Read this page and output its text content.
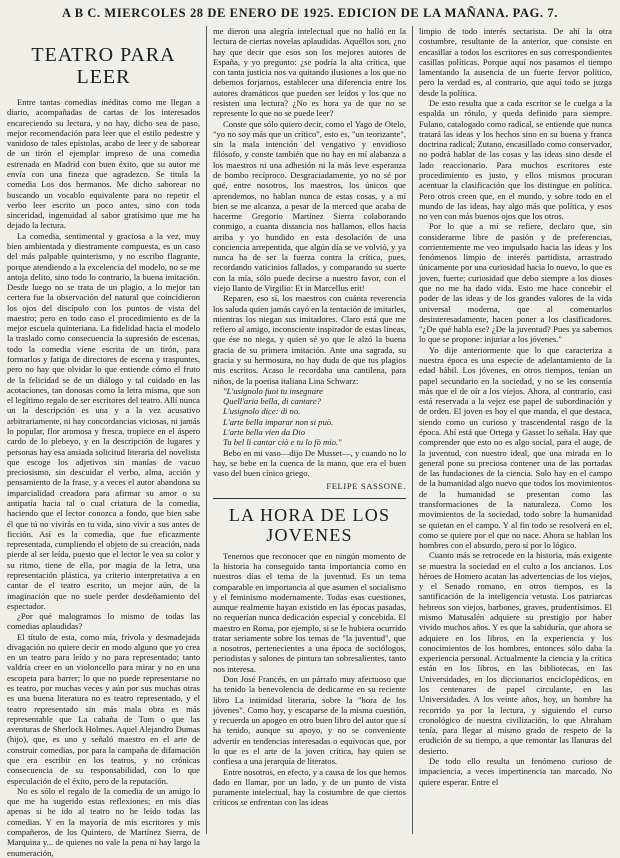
A B C. MIERCOLES 28 DE ENERO DE 1925. EDICION DE LA MAÑANA. PAG. 7.
TEATRO PARA LEER

Entre tantas comedias inéditas como me llegan a diario, acompañadas de cartas de los interesados encareciendo su lectura, y no hay, dicho sea de paso, mejor recomendación para leer que el estilo pedestre y vanidoso de tales epístolas, acabo de leer y de saborear de un tirón el ejemplar impreso de una comedia estrenada en Madrid con buen éxito, que su autor me envía con una fineza que agradezco. Se titula la comedia Los dos hermanos. Me dicho saborear no buscando un vocablo equivalente para no repetir el verbo leer escrito un poco antes, sino con toda sinceridad, ingenuidad al sabor gratísimo que me ha dejado la lectura.

La comedia, sentimental y graciosa a la vez, muy bien ambientada y diestramente compuesta, es un caso del más palpable quinterismo, y no escribo flagrante, porque atendiendo a la excelencia del modelo, no se me antoja delito, sino todo lo contrario, la buena imitación. Desde luego no se trata de un plagio, a lo mejor tan certera fue la observación del natural que coincidieron los ojos del discípulo con los puntos de vista del maestro; pero en todo caso el procedimiento es de la mejor escuela quinteriana. La fidelidad hacia el modelo la traslado como consecuencia la supresión de escenas, todo la comedia viene escrita de un tirón, para formarlos y fatiga de directores de escena y traspuntes, pero no hay que olvidar lo que entiende cómo el fruto de la felicidad se de un diálogo y tal cuidado en las acotaciones, tan donosas como la letra misma, que son el legítimo regalo de ser escritores del teatro. Allí nunca un la descripción es una y a la vez acusativo arbitrariamente, ni hay concordancias viciosas, ni jamás lo popular, flor aromosa y fresca, tropiece en el áspero cardo de lo plebeyo, y en la descripción de lugares y personas hay esa ansiada solicitud literaria del novelista que escoge los adjetivos sin manías de vacuo preciosismo, sin descuidar el verbo, alma, acción y pensamiento de la frase, y a veces el autor abandona su imparcialidad creadora para afirmar su amor o su antipatía hacia tal o cual criatura de la comedia, haciendo que el lector conozca a fondo, que bien sabe él que tú no vivirás en tu vida, sino vivir a sus antes de ficción. Así es la comedia, que fue eficazmente representada, cumpliendo el objeto de su creación, nada pierde al ser leída, puesto que el lector le vea su color y su ritmo, tiene de ella, por magia de la letra, una representación plástica, ya criterio interpretativa a en cantar de el teatro escrito, un mejor aún, de la imaginación que no suele perder desdeñamiento del espectador.

¿Por qué malogramos lo mismo de todas las comedias aplaudidas?

El título de esta, como mía, frívola y desmadejada divagación no quiere decir en modo alguno que yo crea en un teatro para leído y no para representado; tanto valdría creer en un violoncello para mirar y no en una escopeta para barrer; lo que no puede representarse no es teatro, por muchas veces y aún por sus muchas otras es una buena literatura no es teatro representado, y el teatro representado sin más mala obra es más representable que La cabaña de Tom o que las aventuras de Sherlock Holmes. Aquel Alejandro Dumas (hijo), que, es uno y señaló maestro en el arte de construir comedias, por para la campaña de difamación que era escribir en los teatros, y no crónicas consecuencia de su responsabilidad, con lo que especulación de el éxito, pero de la reputación.

No es sólo el regalo de la comedia de un amigo lo que me ha sugerido estas reflexiones; en mis días apenas si he ido al teatro no he leído todas las comedias. Y en la mayoría de mis escritores y mis compañeros, de los Quintero, de Martínez Sierra, de Marquina y... de quienes no vale la pena ni hay largo la enumeración,

me dieron una alegría intelectual que no halló en la lectura de ciertas novelas aplaudidas. Aquéllos son, ¿no hay que decir que esos son los mejores autores de España, y yo pregunto: ¿se podría la alta crítica, que con tanta justicia nos va quitando ilusiones a los que no debemos forjarnos, establecer una diferencia entre los autores dramáticos que pueden ser leídos y los que no resisten una lectura? ¿No es hora ya de que no se represente lo que no se puede leer?

Conste que sólo quiero decir, como el Yago de Otelo, "yo no soy más que un crítico", esto es, "un teorizante", sin la mala intención del vengativo y envidioso filósofo, y conste también que no hay en mí alabanza a los maestros ni una adhesión ni la más leve esperanza de bombo recíproco. Desgraciadamente, yo no sé por qué, entre nosotros, los maestros, los únicos que aprendemos, no hablan nunca de estas cosas, y a mí bien se me alcanza, a pesar de la merced que acaba de hacerme Gregorio Martínez Sierra colaborando conmigo, a cuanta distancia nos hallamos, ellos hacia arriba y yo hundido en esta desolación de una conciencia arrepentida, que algún día se ve volvió, y ya nunca ha de ser la fuerza contra la crítica, pues, recordando vaticinios fallados, y comparando su suerte con la mía, sólo puede decirse a nuestro favor, con el viejo llanto de Virgilio: Et in Marcellus erit!

Reparen, eso sí, los maestros con cuánta reverencia los saluda quien jamás cayó en la tentación de imitarles, mientras los niegan sus imitadores. Claro está que me refiero al amigo, inconsciente inspirador de estas líneas, que ése no niega, y quien sé yo que le alzó la buena gracia de su primera imitación. Ante una sagrada, su gracia y su hermosura, no hay duda de que tus plagios mis escritos. Acaso le recordaba una cantilena, para niños, de la poetisa italiana Lina Schwarz:

"L'usignolo fuoi tu insegnare

Quell'aria bella, di cantare?

L'usignolo dice: di no.

L'arte bella imparar non si può.

L'arte bella vien da Dio

Tu bel li cantar ciò e tu lo fò mio."

Bebo en mi vaso—dijo De Musset—, y cuando no lo hay, se bebe en la cuenca de la mano, que era el buen vaso del buen cínico griego.

FELIPE SASSONE.

LA HORA DE LOS JOVENES

Tenemos que reconocer que en ningún momento de la historia ha conseguido tanta importancia como en nuestros días el tema de la juventud. Es un tema comparable en importancia al que asumen el socialismo y el feminismo modernamente. Todas esas cuestiones, aunque realmente hayan existido en las épocas pasadas, no requerían nunca dedicación especial y concebida. El maestro en Roma, por ejemplo, si se le hubiera ocurrido tratar seriamente sobre los temas de "la juventud", que a nosotros, pertenecientes a una época de sociólogos, periodistas y salones de pintura tan sobresalientes, tanto nos interesa.

Don José Francés, en un párrafo muy afectuoso que ha tenido la benevolencia de dedicarme en su reciente libro La intimidad literaria, sobre la "hora de los jóvenes". Como hoy, y escaparse de la misma cuestión, y recuerda un apogeo en otro buen libro del autor que sí ha tenido, aunque su apoyo, y no se conveniente advertir en tendencias interesadas o equívocas que, por lo que es el arte de la joven crítica, hay quien se confiesa a una jerarquía de literatos.

Entre nosotros, en efecto, y a causa de los que hemos dado en llamar, por un lado, y de un punto de vista puramente intelectual, hay la costumbre de que ciertos críticos se enfrentan con las ideas

limpio de todo interés sectarista. De ahí la otra costumbre, resultante de la anterior, que consiste en encasillar a todos los escritores en sus correspondientes casillas políticas. Porque aquí nos pasamos el tiempo lamentando la ausencia de un fuerte fervor político, pero la verdad es, al contrario, que aquí todo se juzga desde la política.

De esto resulta que a cada escritor se le cuelga a la espalda un rótulo, y queda definido para siempre. Fulano, catalogado como radical, se entiende que nunca tratará las ideas y los hechos sino en su buena y franca doctrina radical; Zutano, encasillado como conservador, no podrá hablar de las cosas y las ideas sino desde el lado reaccionario. Para muchos escritores este procedimiento es justo, y ellos mismos procuran acentuar la clasificación que los distingue en política. Pero otros creen que, en el mundo, y sobre todo en el mundo de las ideas, hay algo más que política, y esos no ven con más buenos ojos que los otros.

Por lo que a mí se refiere, declaro que, sin considerarme libre de pasión y de preferencias, corrientemente me veo impulsado hacia las ideas y los fenómenos limpio de interés partidista, arrastrado únicamente por una curiosidad hacia lo nuevo, lo que es joven, fuerte; curiosidad que debo siempre a los dioses que no me ha dado vida. Esto me hace concebir el poder de las ideas y de los grandes valores de la vida universal moderna, que al comentarlos desinteresadamente, hacen poner a los clasificadores. "¿De qué habla ese? ¿De la juventud? Pues ya sabemos lo que se propone: injuriar a los jóvenes."

Yo dije anteriormente que lo que caracteriza a nuestra época es una especie de adelantamiento de la edad hábil. Los jóvenes, en otros tiempos, tenían un papel secundario en la sociedad, y no se les consentía más que el de oír a los viejos. Ahora, al contrario, casi está reservada a la vejez ese papel de subordinación y de orden. El joven es hoy el que manda, el que destaca, siendo como un curioso y trascendental rasgo de la época. Ahí está que Ortega y Gasset lo señala. Hay que comprender que esto no es algo social, para el auge, de la juventud, con nuestro ideal, que una mirada en lo general pone su preciosa contener una de las portadas de las fundaciones de la ciencia. Solo hay en el campo de la humanidad algo nuevo que todos los movimientos de la humanidad se presentan como las transformaciones de la naturaleza. Como los movimientos de la sociedad, todo sobre la humanidad se quietan en el campo. Y al fin todo se resolverá en el, como se quiere por el que no nace. Ahora se hablan los hombres con el absurdo, pero sí por lo lógico.

Cuanto más se retrocede en la historia, más exigente se muestra la sociedad en el culto a los ancianos. Los héroes de Homero acatan las advertencias de los viejos, y el Senado romano, en otros tiempos, es la santificación de la inteligencia vetusta. Los patriarcas hebreos son viejos, barbones, graves, prudentísimos. El mismo Matusalén adquiere su prestigio por haber vivido muchos años. Y es que la sabiduría, que ahora se adquiere en los libros, en la experiencia y los conocimientos de los hombres, entonces sólo daba la experiencia personal. Actualmente la ciencia y la crítica están en los libros, en las bibliotecas, en las Universidades, en los diccionarios enciclopédicos, en los centenares de papel circulante, en las Universidades. A los veinte años, hoy, un hombre ha recorrido ya por la lectura, y siguiendo el curso cronológico de nuestra civilización, lo que Abraham tenía, para llegar al mismo grado de respeto de la erudición de su tiempo, a que remontar las llanuras del desierto.

De todo ello resulta un fenómeno curioso de impaciencia, a veces impertinencia tan marcado. No quiere esperar. Entre el
